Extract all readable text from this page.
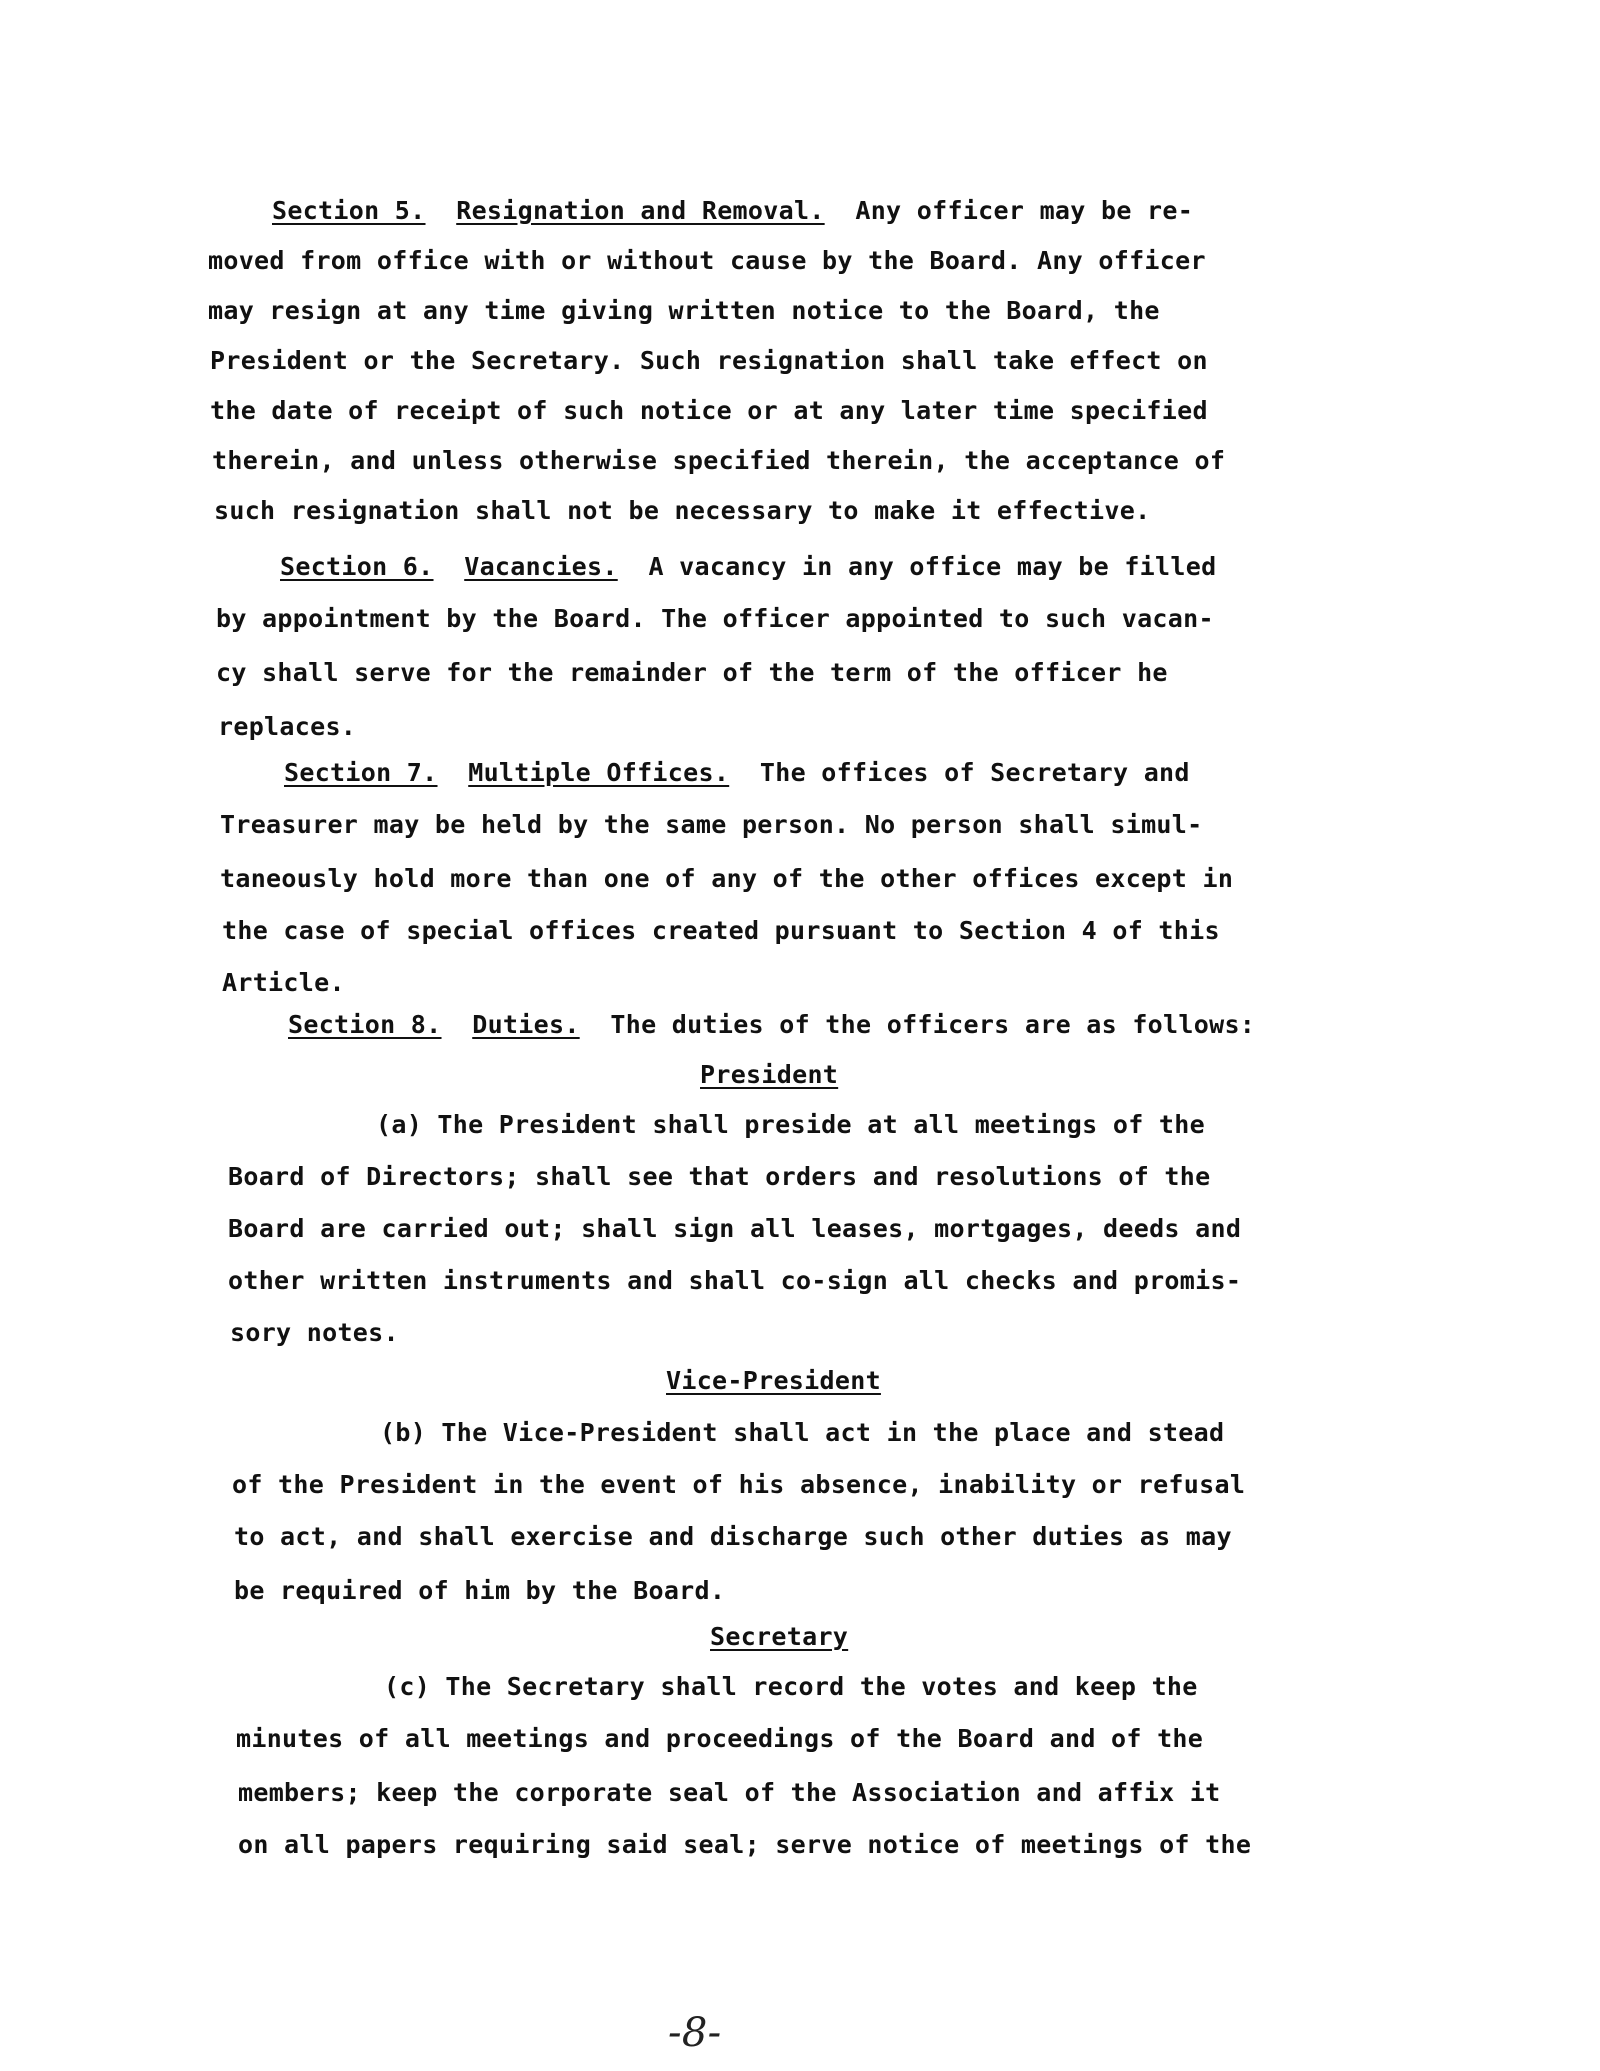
Section 5. Resignation and Removal. Any officer may be re-
moved from office with or without cause by the Board. Any officer
may resign at any time giving written notice to the Board, the
President or the Secretary. Such resignation shall take effect on
the date of receipt of such notice or at any later time specified
therein, and unless otherwise specified therein, the acceptance of
such resignation shall not be necessary to make it effective.
Section 6. Vacancies. A vacancy in any office may be filled
by appointment by the Board. The officer appointed to such vacan-
cy shall serve for the remainder of the term of the officer he
replaces.
Section 7. Multiple Offices. The offices of Secretary and
Treasurer may be held by the same person. No person shall simul-
taneously hold more than one of any of the other offices except in
the case of special offices created pursuant to Section 4 of this
Article.
Section 8. Duties. The duties of the officers are as follows:
President
(a) The President shall preside at all meetings of the
Board of Directors; shall see that orders and resolutions of the
Board are carried out; shall sign all leases, mortgages, deeds and
other written instruments and shall co-sign all checks and promis-
sory notes.
Vice-President
(b) The Vice-President shall act in the place and stead
of the President in the event of his absence, inability or refusal
to act, and shall exercise and discharge such other duties as may
be required of him by the Board.
Secretary
(c) The Secretary shall record the votes and keep the
minutes of all meetings and proceedings of the Board and of the
members; keep the corporate seal of the Association and affix it
on all papers requiring said seal; serve notice of meetings of the
-8-
